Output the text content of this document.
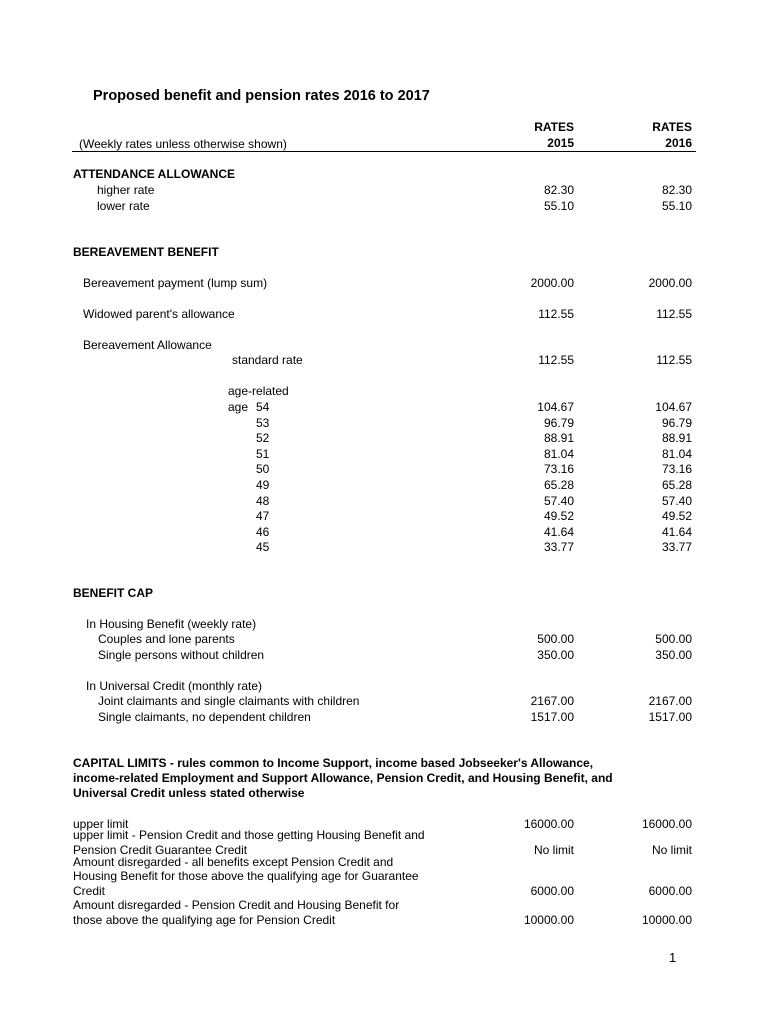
Proposed benefit and pension rates 2016 to 2017
RATES
2015
RATES
2016
(Weekly rates unless otherwise shown)
ATTENDANCE ALLOWANCE
higher rate	82.30	82.30
lower rate	55.10	55.10
BEREAVEMENT BENEFIT
Bereavement payment (lump sum)	2000.00	2000.00
Widowed parent's allowance	112.55	112.55
Bereavement Allowance
standard rate	112.55	112.55
age-related
age 54	104.67	104.67
53	96.79	96.79
52	88.91	88.91
51	81.04	81.04
50	73.16	73.16
49	65.28	65.28
48	57.40	57.40
47	49.52	49.52
46	41.64	41.64
45	33.77	33.77
BENEFIT CAP
In Housing Benefit (weekly rate)
Couples and lone parents	500.00	500.00
Single persons without children	350.00	350.00
In Universal Credit (monthly rate)
Joint claimants and single claimants with children	2167.00	2167.00
Single claimants, no dependent children	1517.00	1517.00
CAPITAL LIMITS - rules common to Income Support, income based Jobseeker's Allowance,
income-related Employment and Support Allowance, Pension Credit, and Housing Benefit, and
Universal Credit unless stated otherwise
upper limit	16000.00	16000.00
upper limit - Pension Credit and those getting Housing Benefit and
Pension Credit Guarantee Credit	No limit	No limit
Amount disregarded - all benefits except Pension Credit and
Housing Benefit for those above the qualifying age for Guarantee
Credit	6000.00	6000.00
Amount disregarded - Pension Credit and Housing Benefit for
those above the qualifying age for Pension Credit	10000.00	10000.00
1
